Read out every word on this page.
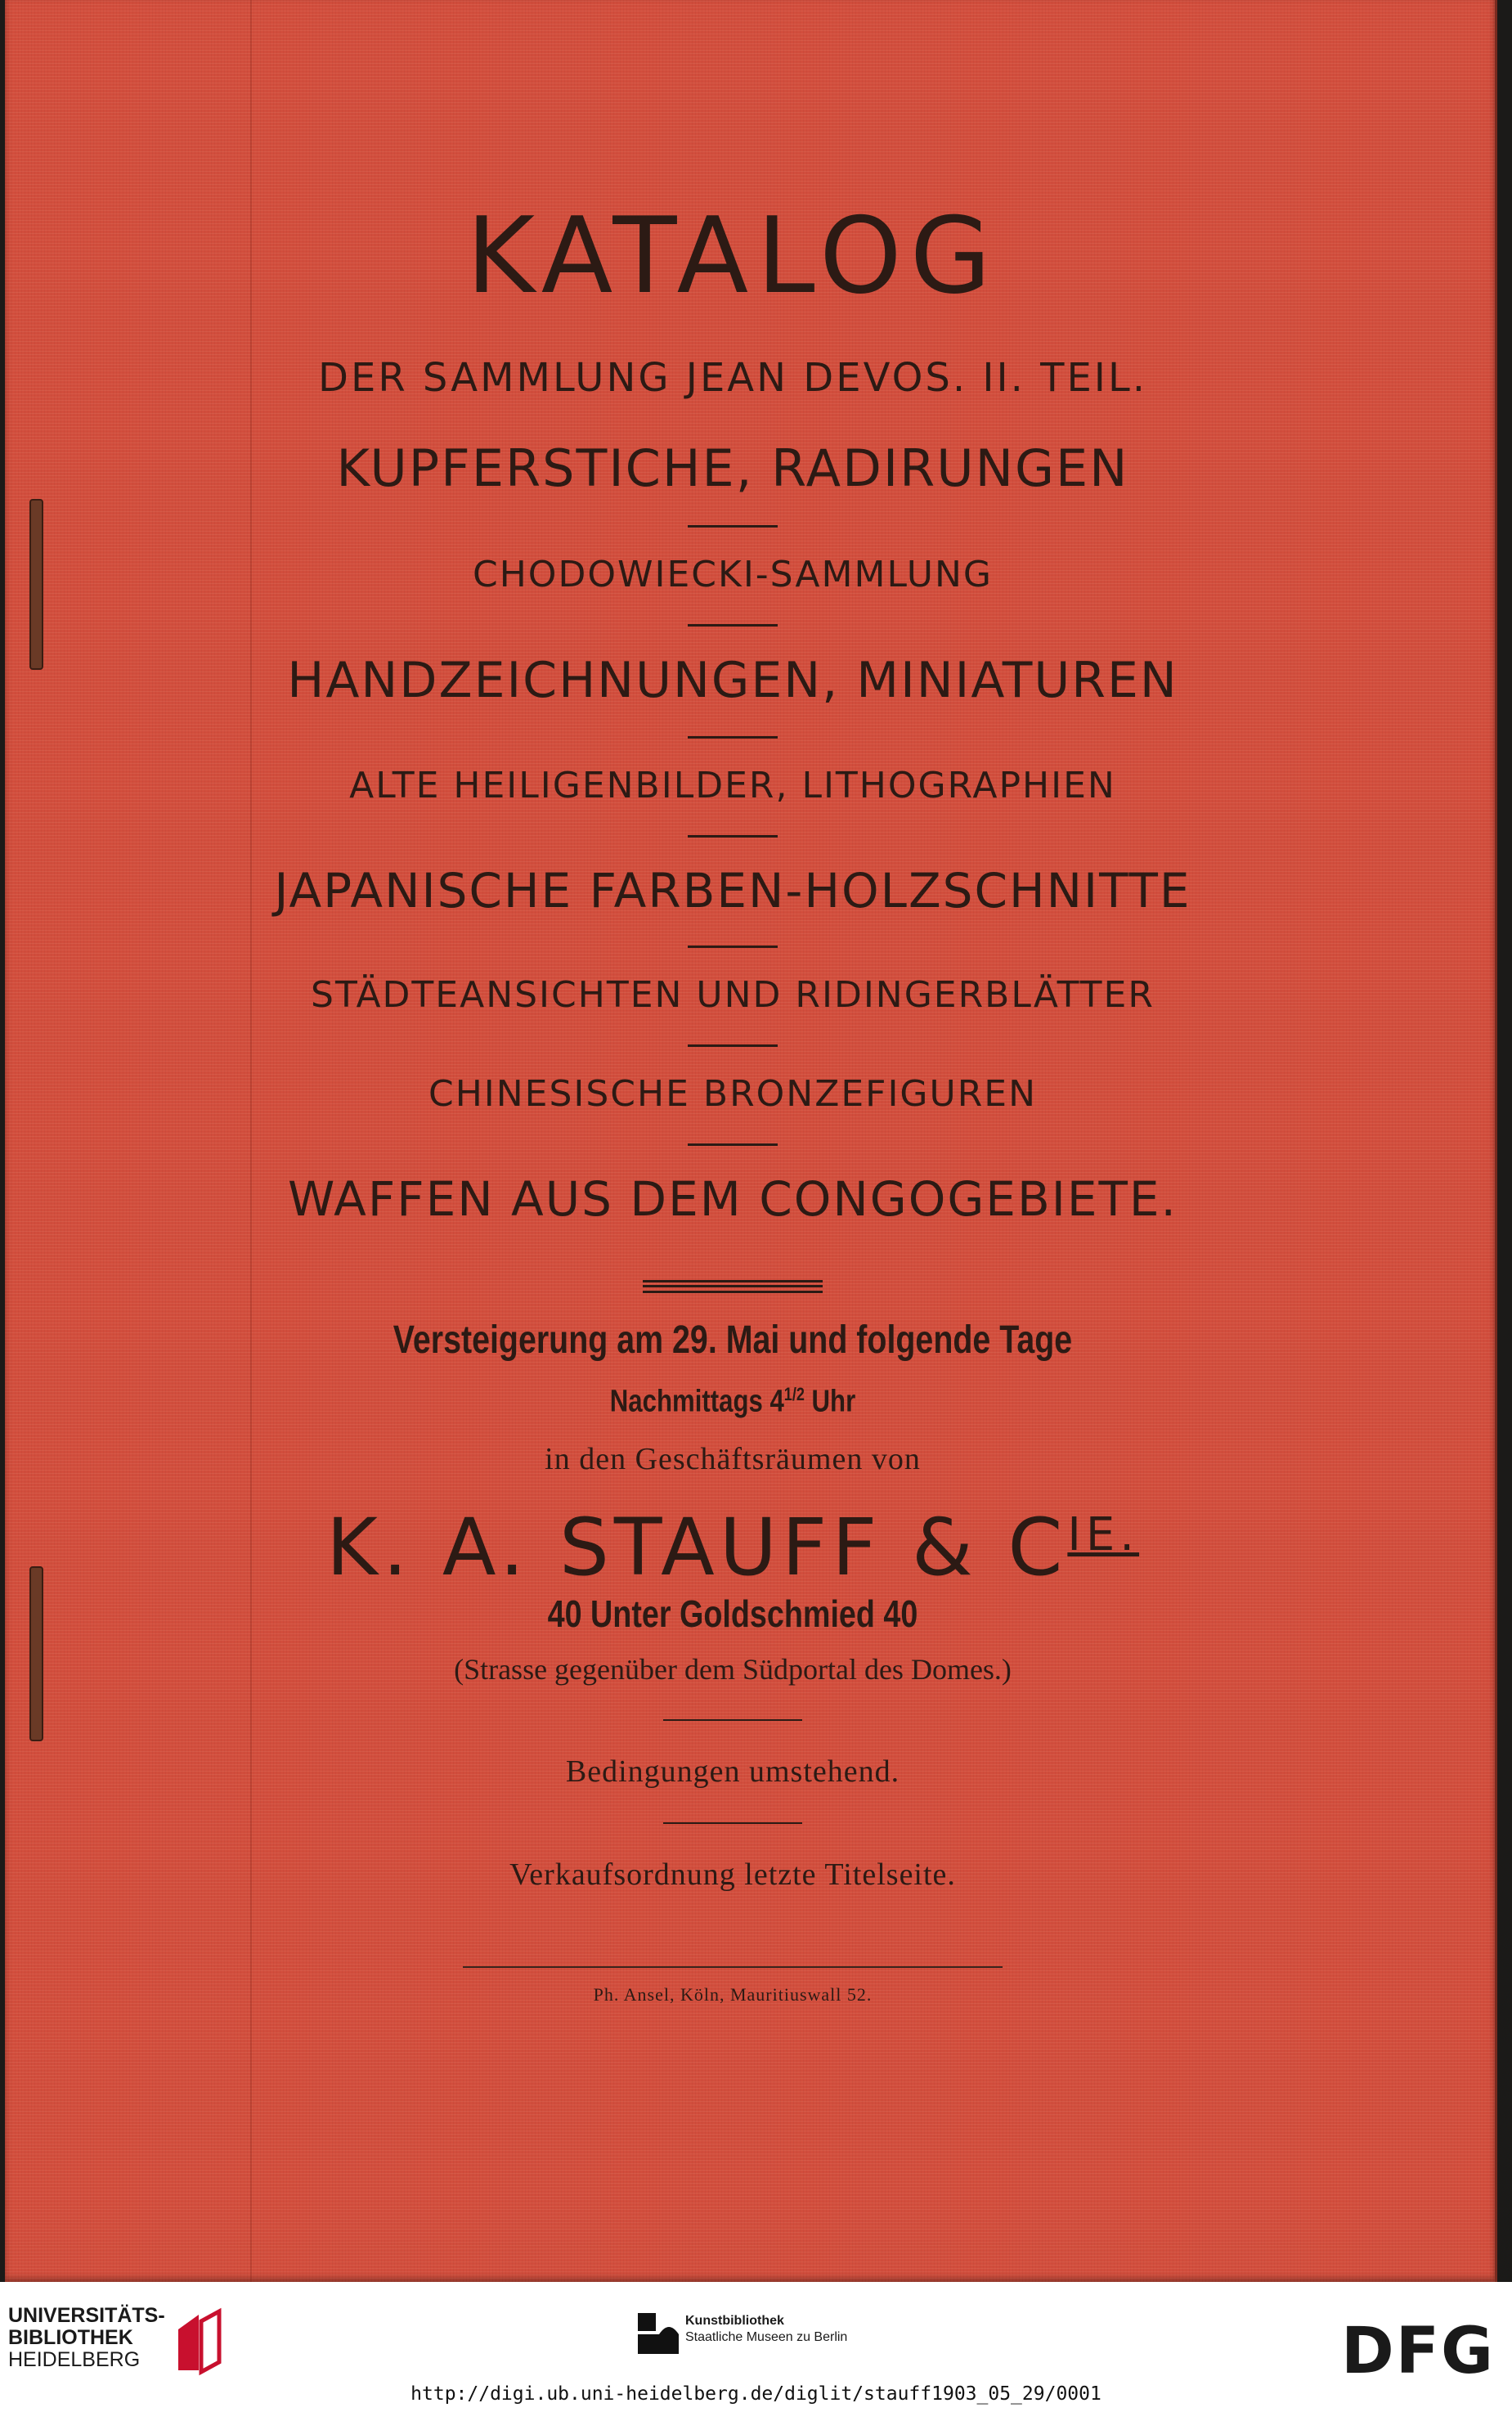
KATALOG
DER SAMMLUNG JEAN DEVOS. II. TEIL.
KUPFERSTICHE, RADIRUNGEN
CHODOWIECKI-SAMMLUNG
HANDZEICHNUNGEN, MINIATUREN
ALTE HEILIGENBILDER, LITHOGRAPHIEN
JAPANISCHE FARBEN-HOLZSCHNITTE
STÄDTEANSICHTEN UND RIDINGERBLÄTTER
CHINESISCHE BRONZEFIGUREN
WAFFEN AUS DEM CONGOGEBIETE.
Versteigerung am 29. Mai und folgende Tage
Nachmittags $4^{1/2}$ Uhr
in den Geschäftsräumen von
K. A. STAUFF & $C^{IE.}$
40 Unter Goldschmied 40
(Strasse gegenüber dem Südportal des Domes.)
Bedingungen umstehend.
Verkaufsordnung letzte Titelseite.
Ph. Ansel, Köln, Mauritiuswall 52.
UNIVERSITÄTS-
BIBLIOTHEK
HEIDELBERG
Kunstbibliothek
Staatliche Museen zu Berlin	DFG
http://digi.ub.uni-heidelberg.de/diglit/stauff1903_05_29/0001
